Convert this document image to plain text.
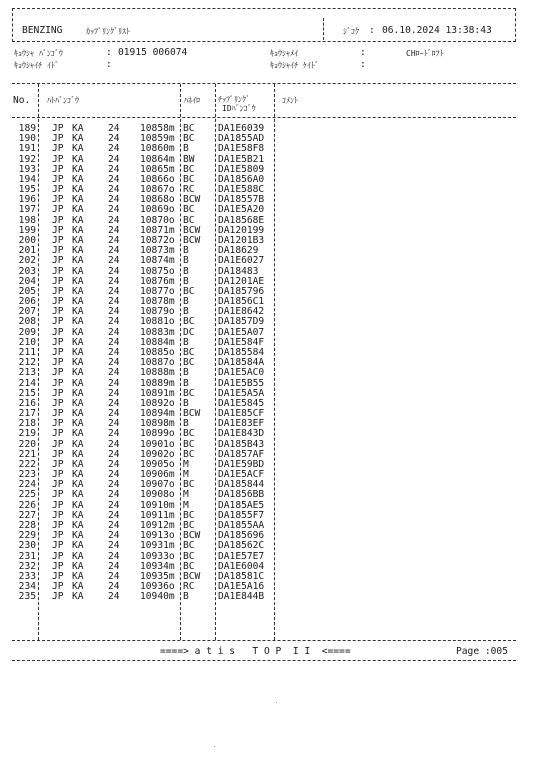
BENZING	ｶｯﾌﾟﾘﾝｸﾞﾘｽﾄ	ｼﾞｺｸ : 06.10.2024 13:38:43
ｷｮｳｼｬ ﾊﾞﾝｺﾞｳ	: 01915 006074	ｷｮｳｼｬﾒｲ	:	CHﾛｰﾄﾞﾛﾌﾄ
ｷｮｳｼｬｲﾁ ｲﾄﾞ	:	ｷｮｳｼｬｲﾁ ｹｲﾄﾞ	:
No. ﾊﾄﾊﾞﾝｺﾞｳ	ﾊﾈｲﾛ ﾁｯﾌﾟﾘﾝｸﾞ
IDﾊﾞﾝｺﾞｳ
ｺﾒﾝﾄ
189 JP KA	24 10858m BC DA1E6039
190 JP KA	24 10859m BC DA1855AD
191 JP KA	24 10860m B	DA1E58F8
192 JP KA	24 10864m BW DA1E5B21
193 JP KA	24 10865m BC DA1E5809
194 JP KA	24 10866o BC DA1856A0
195 JP KA	24 10867o RC DA1E588C
196 JP KA	24 10868o BCW DA18557B
197 JP KA	24 10869o BC DA1E5A20
198 JP KA	24 10870o BC DA18568E
199 JP KA	24 10871m BCW DA120199
200 JP KA	24 10872o BCW DA1201B3
201 JP KA	24 10873m B	DA18629
202 JP KA	24 10874m B	DA1E6027
203 JP KA	24 10875o B	DA18483
204 JP KA	24 10876m B	DA1201AE
205 JP KA	24 10877o BC DA185796
206 JP KA	24 10878m B	DA1856C1
207 JP KA	24 10879o B	DA1E8642
208 JP KA	24 10881o BC DA1857D9
209 JP KA	24 10883m DC DA1E5A07
210 JP KA	24 10884m B	DA1E584F
211 JP KA	24 10885o BC DA185584
212 JP KA	24 10887o BC DA18584A
213 JP KA	24 10888m B	DA1E5AC0
214 JP KA	24 10889m B	DA1E5B55
215 JP KA	24 10891m BC DA1E5A5A
216 JP KA	24 10892o B	DA1E5845
217 JP KA	24 10894m BCW DA1E85CF
218 JP KA	24 10898m B	DA1E83EF
219 JP KA	24 10899o BC DA1E843D
220 JP KA	24 10901o BC DA185B43
221 JP KA	24 10902o BC DA1857AF
222 JP KA	24 10905o M	DA1E59BD
223 JP KA	24 10906m M	DA1E5ACF
224 JP KA	24 10907o BC DA185844
225 JP KA	24 10908o M	DA1856BB
226 JP KA	24 10910m M	DA185AE5
227 JP KA	24 10911m BC DA1855F7
228 JP KA	24 10912m BC DA1855AA
229 JP KA	24 10913o BCW DA185696
230 JP KA	24 10931m BC DA18562C
231 JP KA	24 10933o BC DA1E57E7
232 JP KA	24 10934m BC DA1E6004
233 JP KA	24 10935m BCW DA18581C
234 JP KA	24 10936o RC DA1E5A16
235 JP KA	24 10940m B	DA1E844B
====> a t i s   T O P  I I  <====	Page :005
